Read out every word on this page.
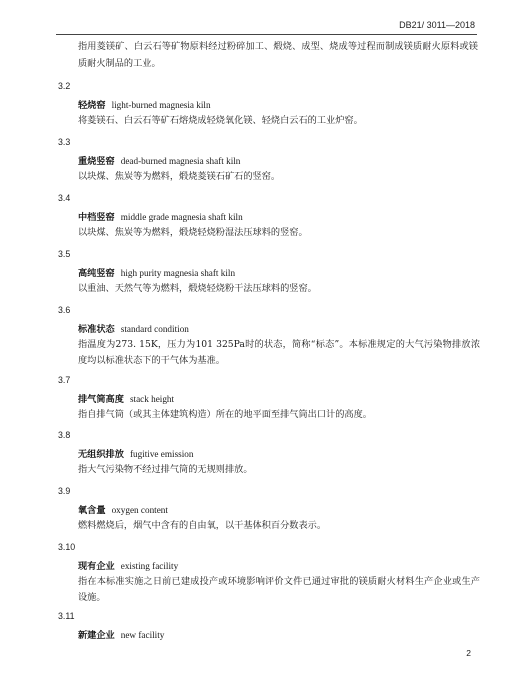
DB21/ 3011—2018
指用菱镁矿、白云石等矿物原料经过粉碎加工、煅烧、成型、烧成等过程而制成镁质耐火原料或镁质耐火制品的工业。
3.2
轻烧窑 light-burned magnesia kiln
将菱镁石、白云石等矿石熔烧成轻烧氧化镁、轻烧白云石的工业炉窑。
3.3
重烧竖窑 dead-burned magnesia shaft kiln
以块煤、焦炭等为燃料，煅烧菱镁石矿石的竖窑。
3.4
中档竖窑 middle grade magnesia shaft kiln
以块煤、焦炭等为燃料，煅烧轻烧粉湿法压球料的竖窑。
3.5
高纯竖窑 high purity magnesia shaft kiln
以重油、天然气等为燃料，煅烧轻烧粉干法压球料的竖窑。
3.6
标准状态 standard condition
指温度为273. 15K，压力为101 325Pa时的状态，简称“标态”。本标准规定的大气污染物排放浓度均以标准状态下的干气体为基准。
3.7
排气筒高度 stack height
指自排气筒（或其主体建筑构造）所在的地平面至排气筒出口计的高度。
3.8
无组织排放 fugitive emission
指大气污染物不经过排气筒的无规则排放。
3.9
氧含量 oxygen content
燃料燃烧后，烟气中含有的自由氧，以干基体积百分数表示。
3.10
现有企业 existing facility
指在本标准实施之日前已建成投产或环境影响评价文件已通过审批的镁质耐火材料生产企业或生产设施。
3.11
新建企业 new facility
2
